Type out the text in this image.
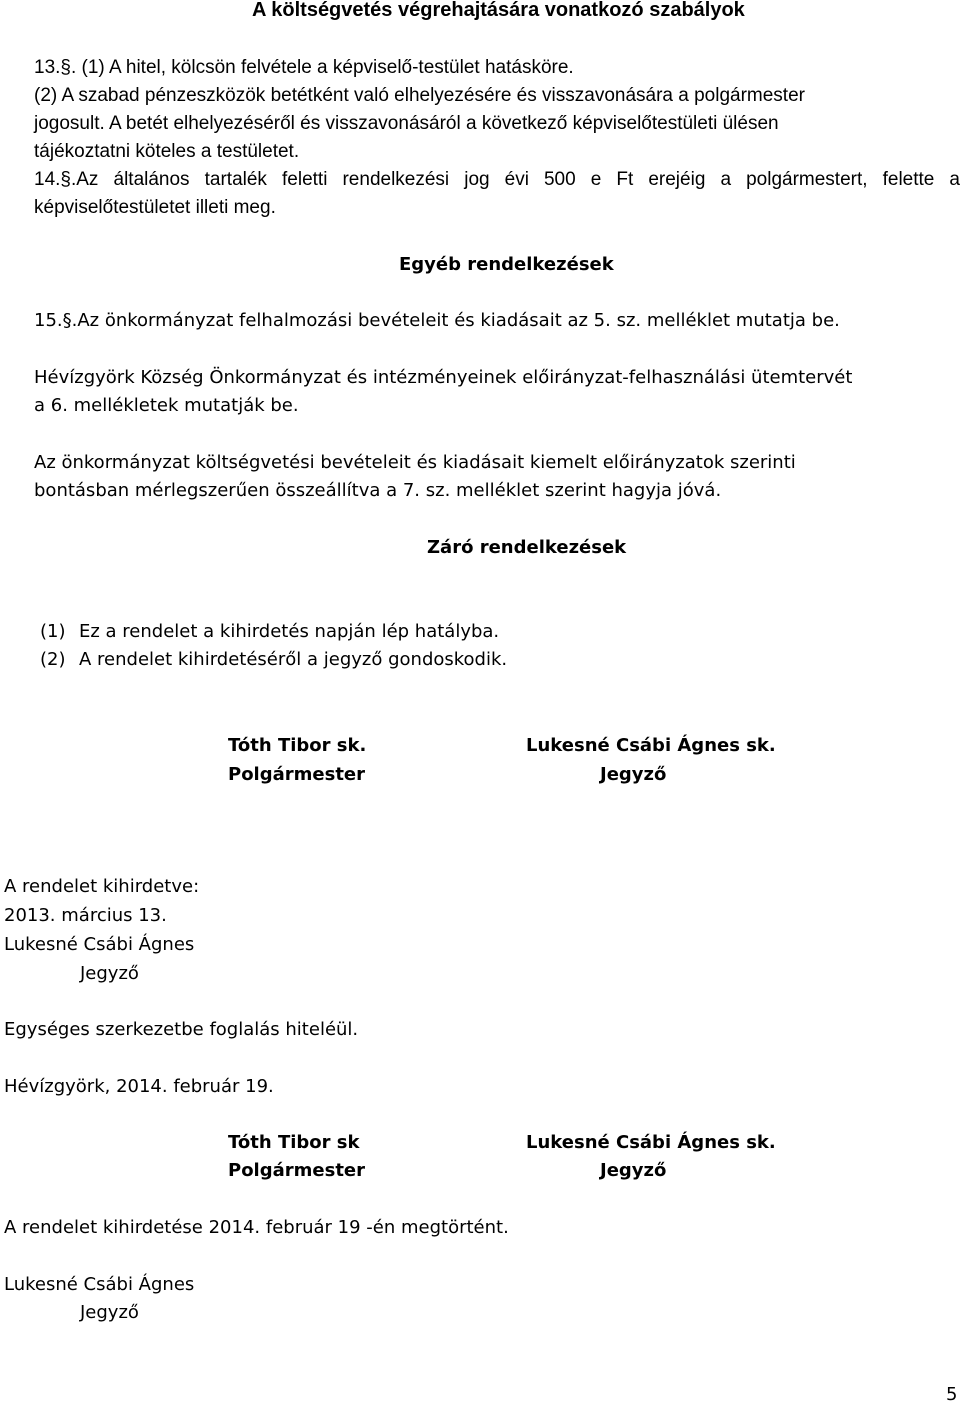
A költségvetés végrehajtására vonatkozó szabályok
13.§. (1) A hitel, kölcsön felvétele a képviselő-testület hatásköre.
(2) A szabad pénzeszközök betétként való elhelyezésére és visszavonására a polgármester
jogosult. A betét elhelyezéséről és visszavonásáról a következő képviselőtestületi ülésen
tájékoztatni köteles a testületet.
14.§.Az általános tartalék feletti rendelkezési jog évi 500 e Ft erejéig a polgármestert, felette a
képviselőtestületet illeti meg.
Egyéb rendelkezések
15.§.Az önkormányzat felhalmozási bevételeit és kiadásait az 5. sz. melléklet mutatja be.
Hévízgyörk Község Önkormányzat és intézményeinek előirányzat-felhasználási ütemtervét
a 6. mellékletek mutatják be.
Az önkormányzat költségvetési bevételeit és kiadásait kiemelt előirányzatok szerinti
bontásban mérlegszerűen összeállítva a 7. sz. melléklet szerint hagyja jóvá.
Záró rendelkezések
(1) Ez a rendelet a kihirdetés napján lép hatályba.
(2) A rendelet kihirdetéséről a jegyző gondoskodik.
Tóth Tibor sk.
Polgármester
Lukesné Csábi Ágnes sk.
Jegyző
A rendelet kihirdetve:
2013. március 13.
Lukesné Csábi Ágnes
Jegyző
Egységes szerkezetbe foglalás hiteléül.
Hévízgyörk, 2014. február 19.
Tóth Tibor sk
Polgármester
Lukesné Csábi Ágnes sk.
Jegyző
A rendelet kihirdetése 2014. február 19 -én megtörtént.
Lukesné Csábi Ágnes
Jegyző
5
